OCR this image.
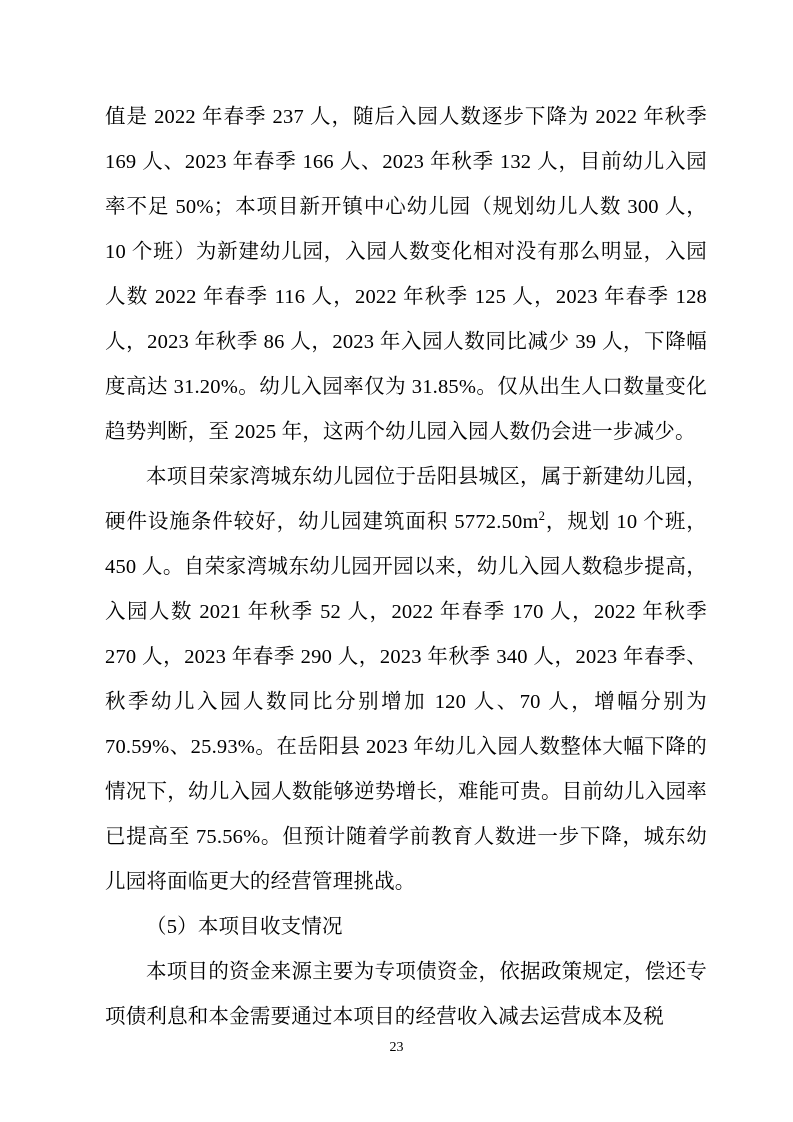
值是 2022 年春季 237 人，随后入园人数逐步下降为 2022 年秋季 169 人、2023 年春季 166 人、2023 年秋季 132 人，目前幼儿入园率不足 50%；本项目新开镇中心幼儿园（规划幼儿人数 300 人，10 个班）为新建幼儿园，入园人数变化相对没有那么明显，入园人数 2022 年春季 116 人，2022 年秋季 125 人，2023 年春季 128 人，2023 年秋季 86 人，2023 年入园人数同比减少 39 人，下降幅度高达 31.20%。幼儿入园率仅为 31.85%。仅从出生人口数量变化趋势判断，至 2025 年，这两个幼儿园入园人数仍会进一步减少。

本项目荣家湾城东幼儿园位于岳阳县城区，属于新建幼儿园，硬件设施条件较好，幼儿园建筑面积 $5772.50m^2$，规划 10 个班，450 人。自荣家湾城东幼儿园开园以来，幼儿入园人数稳步提高，入园人数 2021 年秋季 52 人，2022 年春季 170 人，2022 年秋季 270 人，2023 年春季 290 人，2023 年秋季 340 人，2023 年春季、秋季幼儿入园人数同比分别增加 120 人、70 人，增幅分别为 70.59%、25.93%。在岳阳县 2023 年幼儿入园人数整体大幅下降的情况下，幼儿入园人数能够逆势增长，难能可贵。目前幼儿入园率已提高至 75.56%。但预计随着学前教育人数进一步下降，城东幼儿园将面临更大的经营管理挑战。

（5）本项目收支情况

本项目的资金来源主要为专项债资金，依据政策规定，偿还专项债利息和本金需要通过本项目的经营收入减去运营成本及税

23
